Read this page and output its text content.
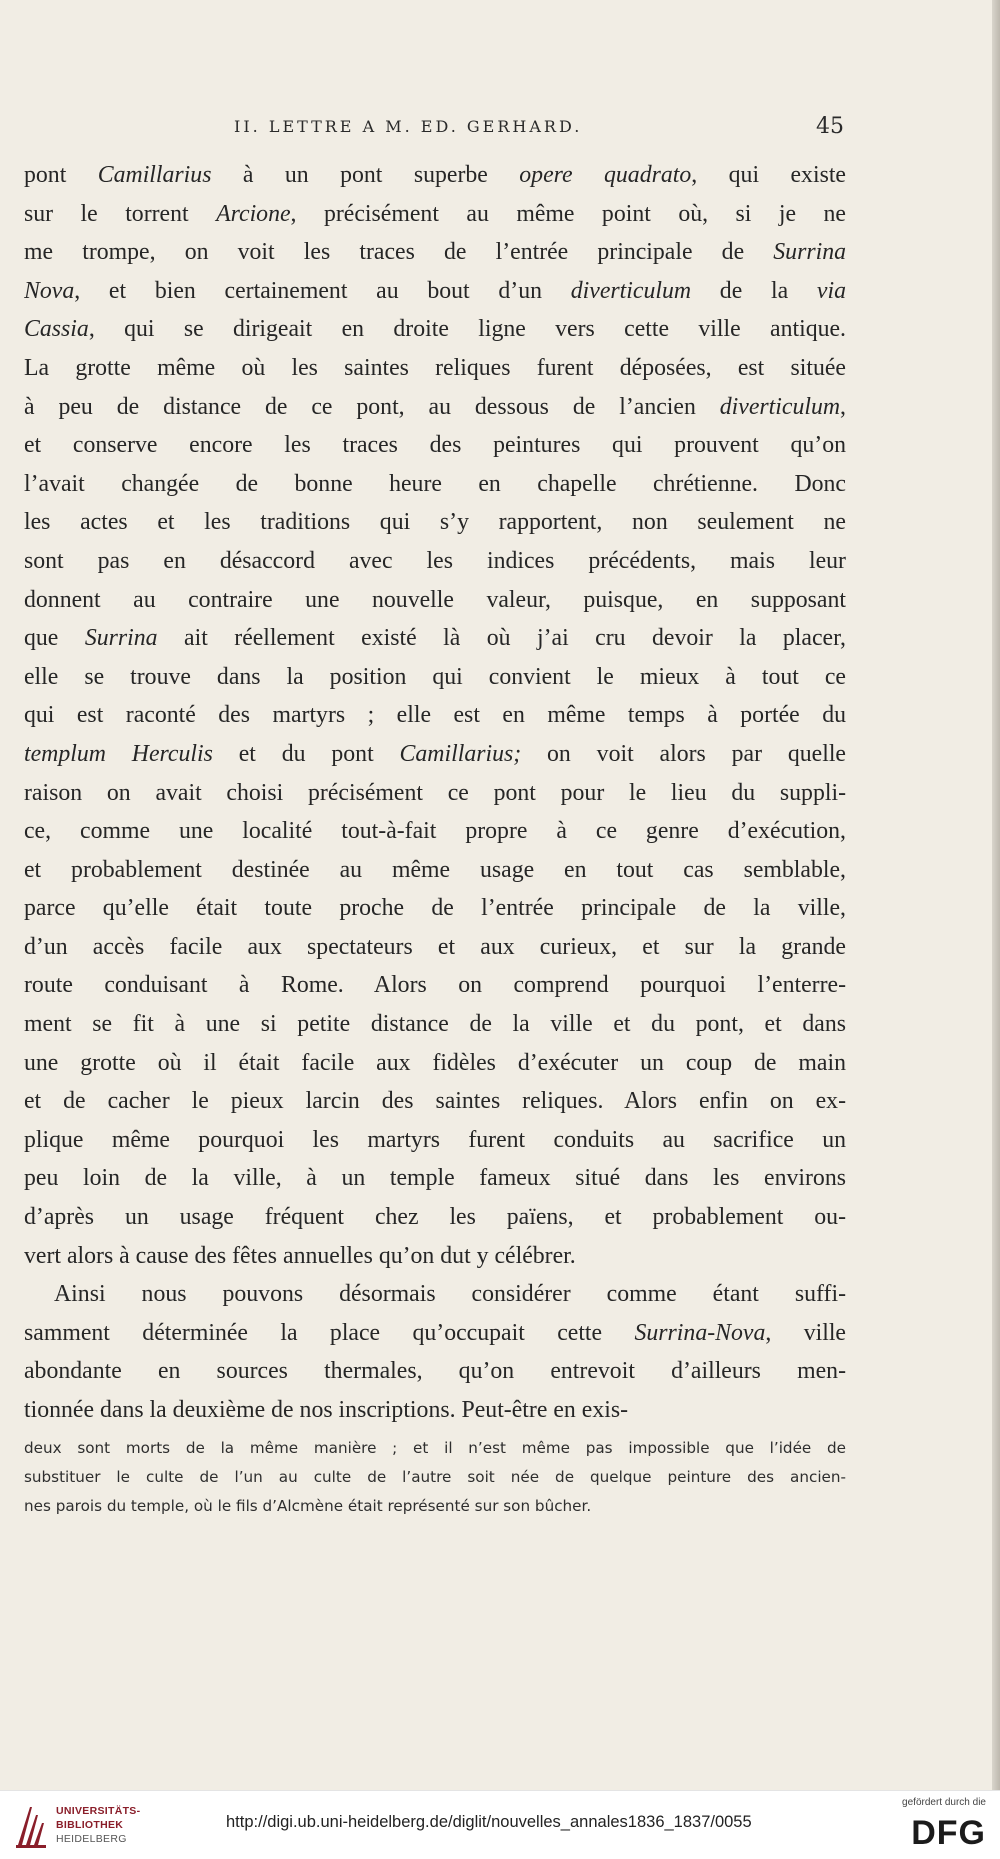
II. LETTRE A M. ED. GERHARD.	45
pont Camillarius à un pont superbe opere quadrato, qui existe
sur le torrent Arcione, précisément au même point où, si je ne
me trompe, on voit les traces de l’entrée principale de Surrina
Nova, et bien certainement au bout d’un diverticulum de la via
Cassia, qui se dirigeait en droite ligne vers cette ville antique.
La grotte même où les saintes reliques furent déposées, est située
à peu de distance de ce pont, au dessous de l’ancien diverticulum,
et conserve encore les traces des peintures qui prouvent qu’on
l’avait changée de bonne heure en chapelle chrétienne. Donc
les actes et les traditions qui s’y rapportent, non seulement ne
sont pas en désaccord avec les indices précédents, mais leur
donnent au contraire une nouvelle valeur, puisque, en supposant
que Surrina ait réellement existé là où j’ai cru devoir la placer,
elle se trouve dans la position qui convient le mieux à tout ce
qui est raconté des martyrs ; elle est en même temps à portée du
templum Herculis et du pont Camillarius; on voit alors par quelle
raison on avait choisi précisément ce pont pour le lieu du suppli-
ce, comme une localité tout-à-fait propre à ce genre d’exécution,
et probablement destinée au même usage en tout cas semblable,
parce qu’elle était toute proche de l’entrée principale de la ville,
d’un accès facile aux spectateurs et aux curieux, et sur la grande
route conduisant à Rome. Alors on comprend pourquoi l’enterre-
ment se fit à une si petite distance de la ville et du pont, et dans
une grotte où il était facile aux fidèles d’exécuter un coup de main
et de cacher le pieux larcin des saintes reliques. Alors enfin on ex-
plique même pourquoi les martyrs furent conduits au sacrifice un
peu loin de la ville, à un temple fameux situé dans les environs
d’après un usage fréquent chez les païens, et probablement ou-
vert alors à cause des fêtes annuelles qu’on dut y célébrer.
Ainsi nous pouvons désormais considérer comme étant suffi-
samment déterminée la place qu’occupait cette Surrina-Nova, ville
abondante en sources thermales, qu’on entrevoit d’ailleurs men-
tionnée dans la deuxième de nos inscriptions. Peut-être en exis-
deux sont morts de la même manière ; et il n’est même pas impossible que l’idée de
substituer le culte de l’un au culte de l’autre soit née de quelque peinture des ancien-
nes parois du temple, où le fils d’Alcmène était représenté sur son bûcher.
UNIVERSITÄTS-
BIBLIOTHEK
HEIDELBERG
http://digi.ub.uni-heidelberg.de/diglit/nouvelles_annales1836_1837/0055
gefördert durch die
DFG
